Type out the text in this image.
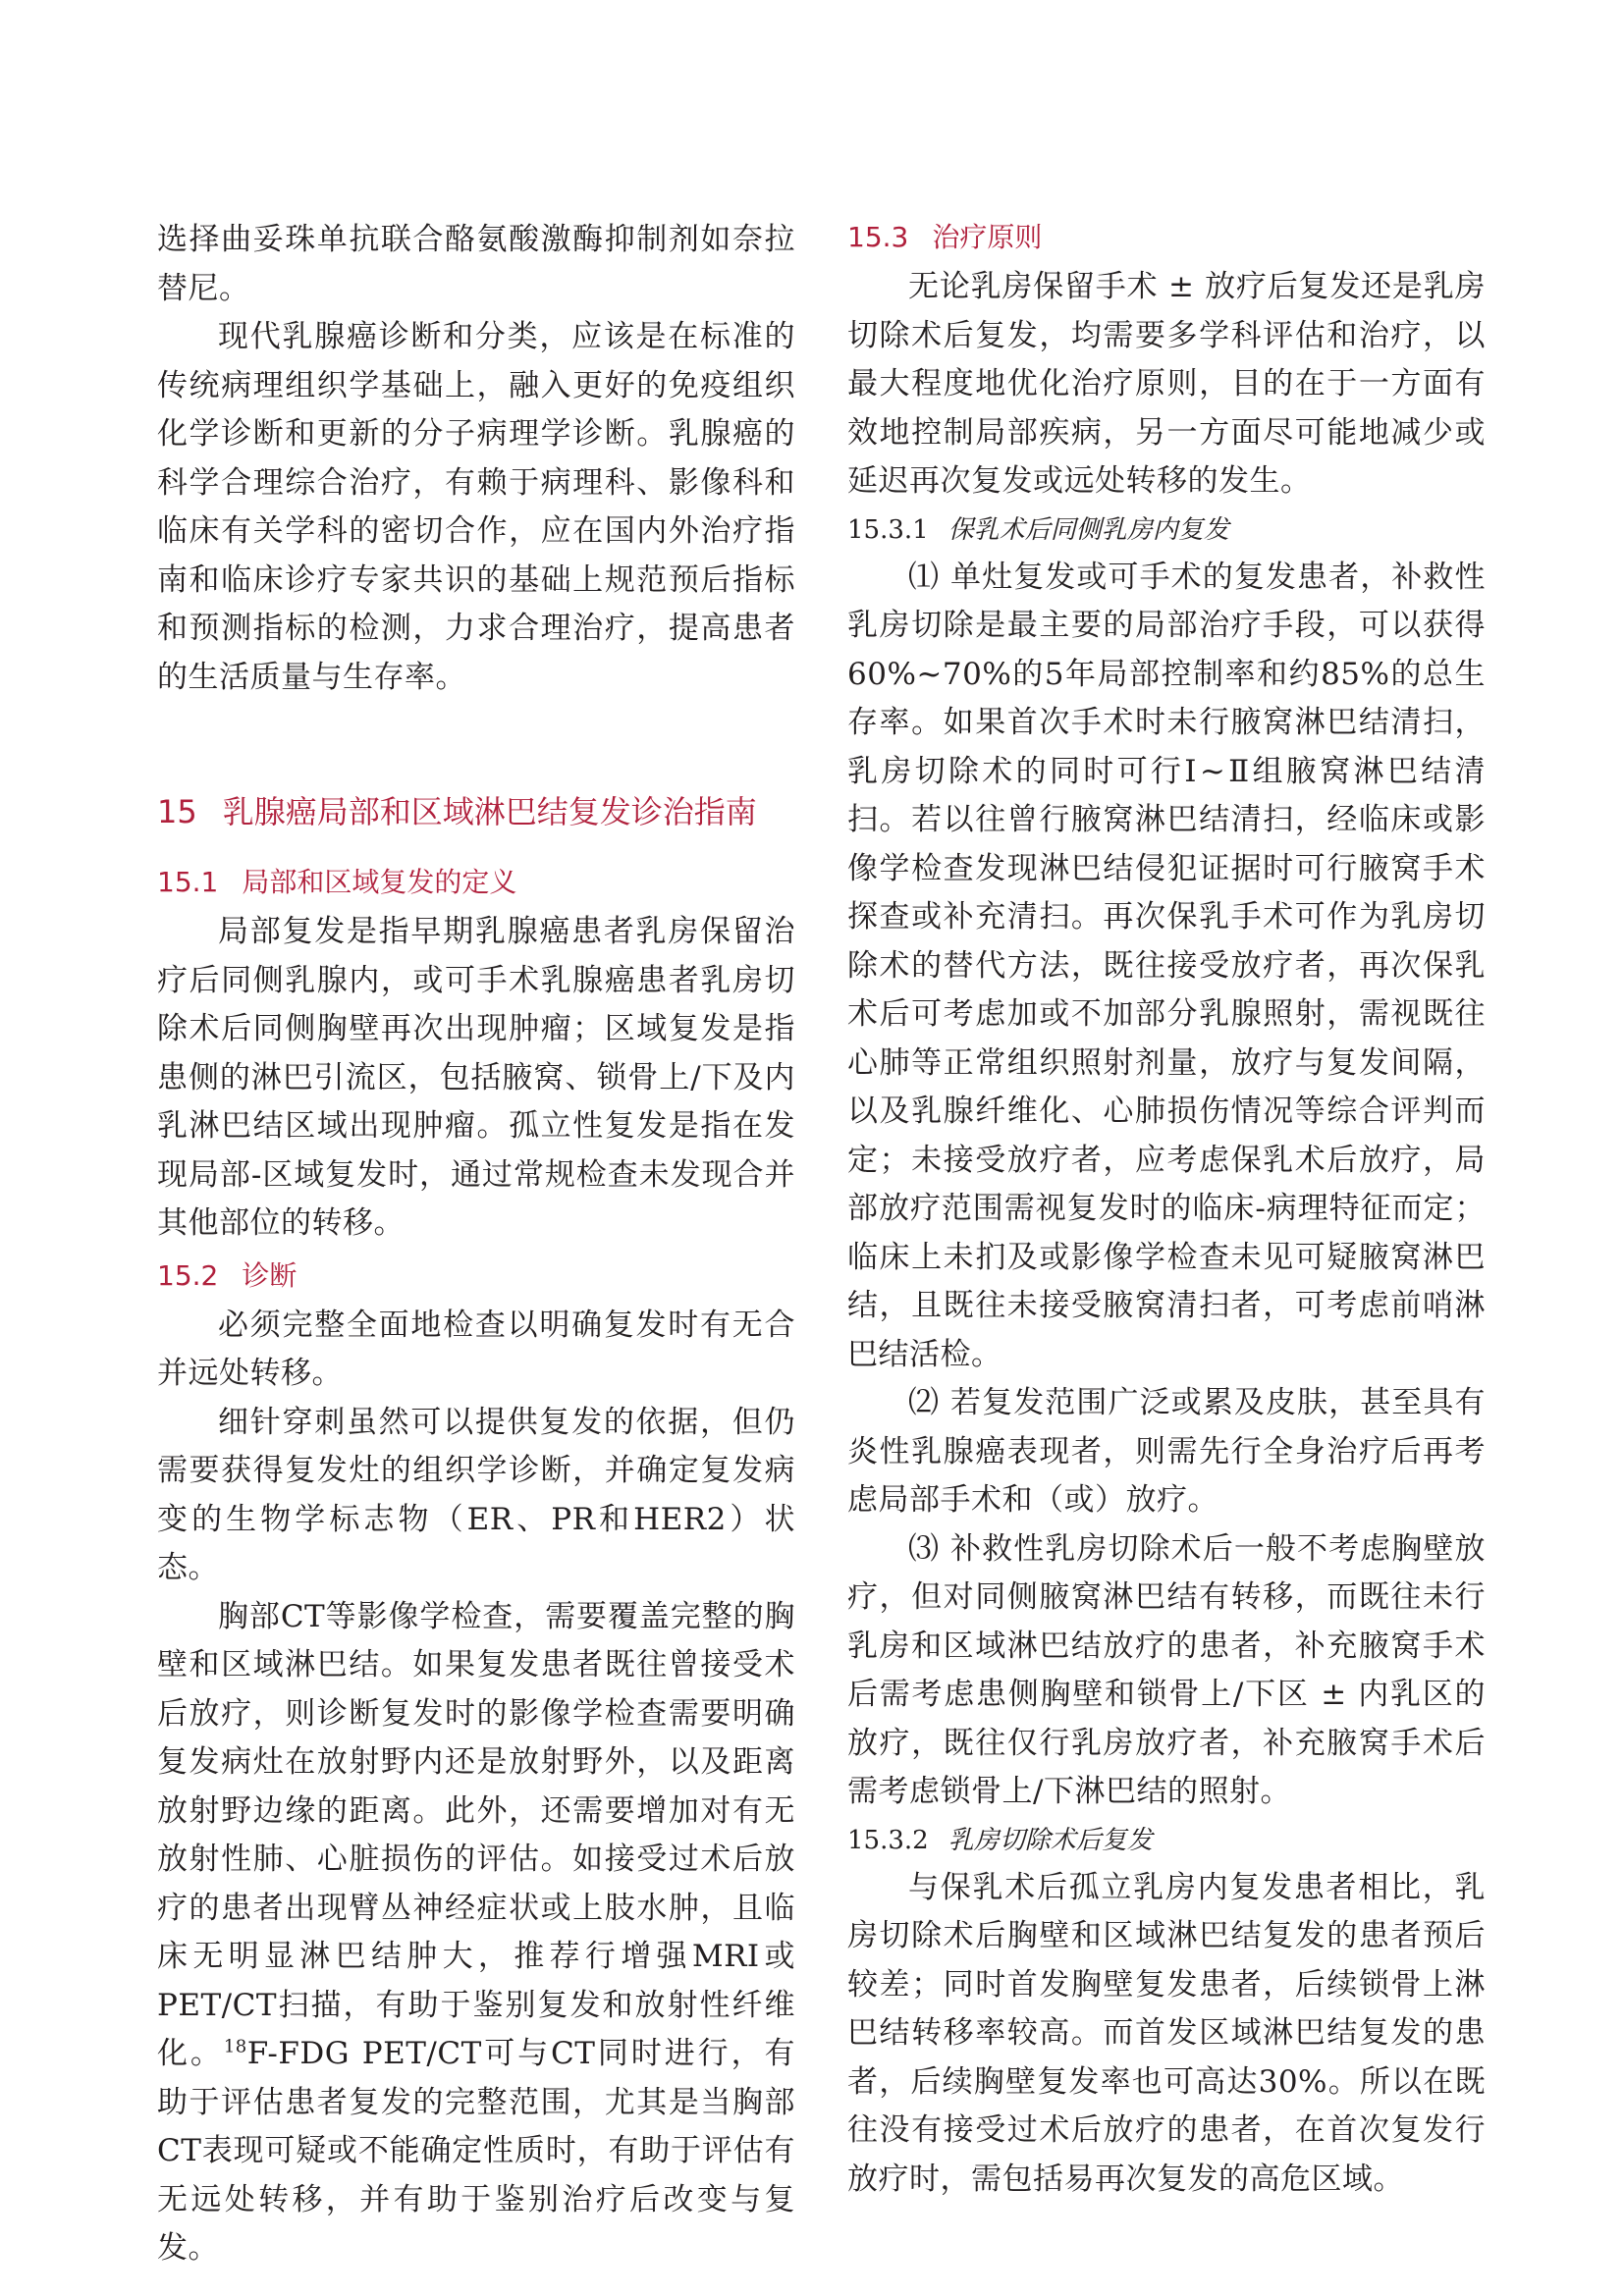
选择曲妥珠单抗联合酪氨酸激酶抑制剂如奈拉替尼。

现代乳腺癌诊断和分类，应该是在标准的传统病理组织学基础上，融入更好的免疫组织化学诊断和更新的分子病理学诊断。乳腺癌的科学合理综合治疗，有赖于病理科、影像科和临床有关学科的密切合作，应在国内外治疗指南和临床诊疗专家共识的基础上规范预后指标和预测指标的检测，力求合理治疗，提高患者的生活质量与生存率。

15 乳腺癌局部和区域淋巴结复发诊治指南
15.1 局部和区域复发的定义

局部复发是指早期乳腺癌患者乳房保留治疗后同侧乳腺内，或可手术乳腺癌患者乳房切除术后同侧胸壁再次出现肿瘤；区域复发是指患侧的淋巴引流区，包括腋窝、锁骨上/下及内乳淋巴结区域出现肿瘤。孤立性复发是指在发现局部-区域复发时，通过常规检查未发现合并其他部位的转移。

15.2 诊断

必须完整全面地检查以明确复发时有无合并远处转移。

细针穿刺虽然可以提供复发的依据，但仍需要获得复发灶的组织学诊断，并确定复发病变的生物学标志物（ER、PR和HER2）状态。

胸部CT等影像学检查，需要覆盖完整的胸壁和区域淋巴结。如果复发患者既往曾接受术后放疗，则诊断复发时的影像学检查需要明确复发病灶在放射野内还是放射野外，以及距离放射野边缘的距离。此外，还需要增加对有无放射性肺、心脏损伤的评估。如接受过术后放疗的患者出现臂丛神经症状或上肢水肿，且临床无明显淋巴结肿大，推荐行增强MRI或PET/CT扫描，有助于鉴别复发和放射性纤维化。$^{18}$F-FDG PET/CT可与CT同时进行，有助于评估患者复发的完整范围，尤其是当胸部CT表现可疑或不能确定性质时，有助于评估有无远处转移，并有助于鉴别治疗后改变与复发。

15.3 治疗原则

无论乳房保留手术 ± 放疗后复发还是乳房切除术后复发，均需要多学科评估和治疗，以最大程度地优化治疗原则，目的在于一方面有效地控制局部疾病，另一方面尽可能地减少或延迟再次复发或远处转移的发生。

15.3.1 保乳术后同侧乳房内复发

⑴ 单灶复发或可手术的复发患者，补救性乳房切除是最主要的局部治疗手段，可以获得60%~70%的5年局部控制率和约85%的总生存率。如果首次手术时未行腋窝淋巴结清扫，乳房切除术的同时可行Ⅰ~Ⅱ组腋窝淋巴结清扫。若以往曾行腋窝淋巴结清扫，经临床或影像学检查发现淋巴结侵犯证据时可行腋窝手术探查或补充清扫。再次保乳手术可作为乳房切除术的替代方法，既往接受放疗者，再次保乳术后可考虑加或不加部分乳腺照射，需视既往心肺等正常组织照射剂量，放疗与复发间隔，以及乳腺纤维化、心肺损伤情况等综合评判而定；未接受放疗者，应考虑保乳术后放疗，局部放疗范围需视复发时的临床-病理特征而定；临床上未扪及或影像学检查未见可疑腋窝淋巴结，且既往未接受腋窝清扫者，可考虑前哨淋巴结活检。

⑵ 若复发范围广泛或累及皮肤，甚至具有炎性乳腺癌表现者，则需先行全身治疗后再考虑局部手术和（或）放疗。

⑶ 补救性乳房切除术后一般不考虑胸壁放疗，但对同侧腋窝淋巴结有转移，而既往未行乳房和区域淋巴结放疗的患者，补充腋窝手术后需考虑患侧胸壁和锁骨上/下区 ± 内乳区的放疗，既往仅行乳房放疗者，补充腋窝手术后需考虑锁骨上/下淋巴结的照射。

15.3.2 乳房切除术后复发

与保乳术后孤立乳房内复发患者相比，乳房切除术后胸壁和区域淋巴结复发的患者预后较差；同时首发胸壁复发患者，后续锁骨上淋巴结转移率较高。而首发区域淋巴结复发的患者，后续胸壁复发率也可高达30%。所以在既往没有接受过术后放疗的患者，在首次复发行放疗时，需包括易再次复发的高危区域。
